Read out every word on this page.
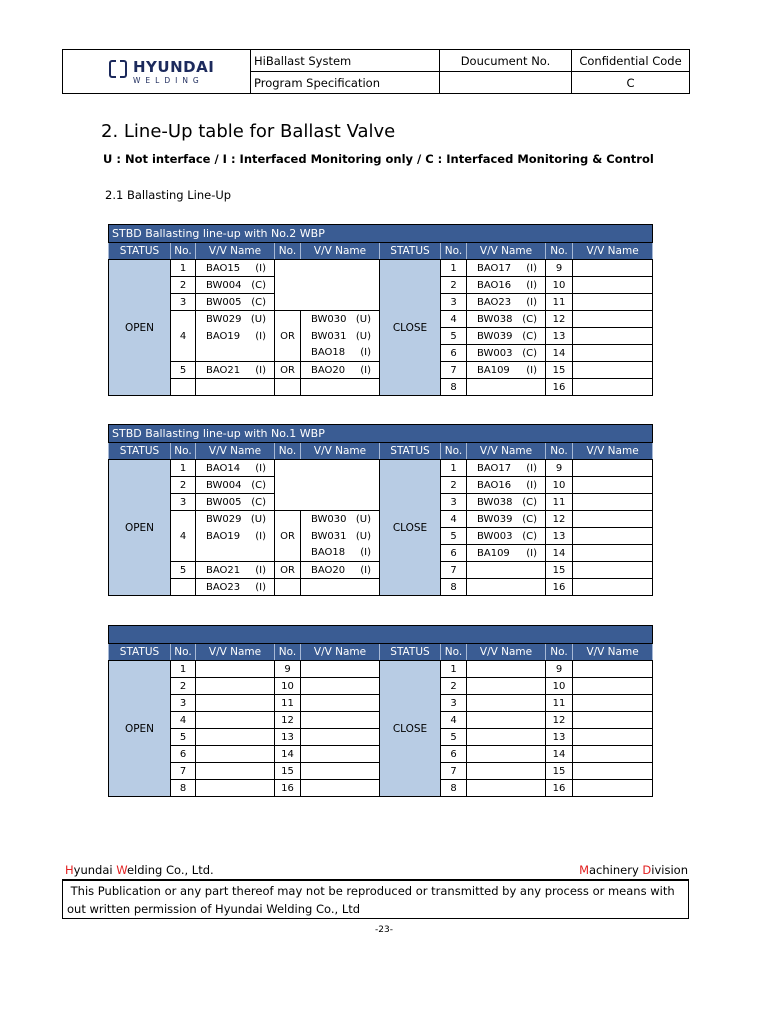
HYUNDAI
WELDING	HiBallast System	Doucument No.	Confidential Code
	Program Specification		C
2. Line-Up table for Ballast Valve
U : Not interface / I : Interfaced Monitoring only / C : Interfaced Monitoring & Control
2.1 Ballasting Line-Up
STBD Ballasting line-up with No.2 WBP									
STATUS	No.	V/V Name	No.	V/V Name	STATUS	No.	V/V Name	No.	V/V Name
OPEN	1	BAO15 (I)			CLOSE	1	BAO17 (I)	9	
	2	BW004 (C)				2	BAO16 (I)	10	
	3	BW005 (C)				3	BAO23 (I)	11	
	4	BW029 (U)	OR	BW030 (U)		4	BW038 (C)	12	

		BAO19 (I)		BW031 (U)		5	BW039 (C)	13	

				BAO18 (I)		6	BW003 (C)	14	
	5	BAO21 (I)	OR	BAO20 (I)		7	BA109 (I)	15	

					8		16	
STBD Ballasting line-up with No.1 WBP									
STATUS	No.	V/V Name	No.	V/V Name	STATUS	No.	V/V Name	No.	V/V Name
OPEN	1	BAO14 (I)			CLOSE	1	BAO17 (I)	9	
	2	BW004 (C)				2	BAO16 (I)	10	
	3	BW005 (C)				3	BW038 (C)	11	
	4	BW029 (U)	OR	BW030 (U)		4	BW039 (C)	12	

		BAO19 (I)		BW031 (U)		5	BW003 (C)	13	

				BAO18 (I)		6	BA109 (I)	14	
	5	BAO21 (I)	OR	BAO20 (I)		7		15	

		BAO23 (I)				8		16	

STATUS	No.	V/V Name	No.	V/V Name	STATUS	No.	V/V Name	No.	V/V Name
OPEN	1		9		CLOSE	1		9	
	2		10			2		10	
	3		11			3		11	
	4		12			4		12	
	5		13			5		13	
	6		14			6		14	
	7		15			7		15	
	8		16			8		16	
Hyundai Welding Co., Ltd.	Machinery Division
This Publication or any part thereof may not be reproduced or transmitted by any process or means with
out written permission of Hyundai Welding Co., Ltd
-23-
